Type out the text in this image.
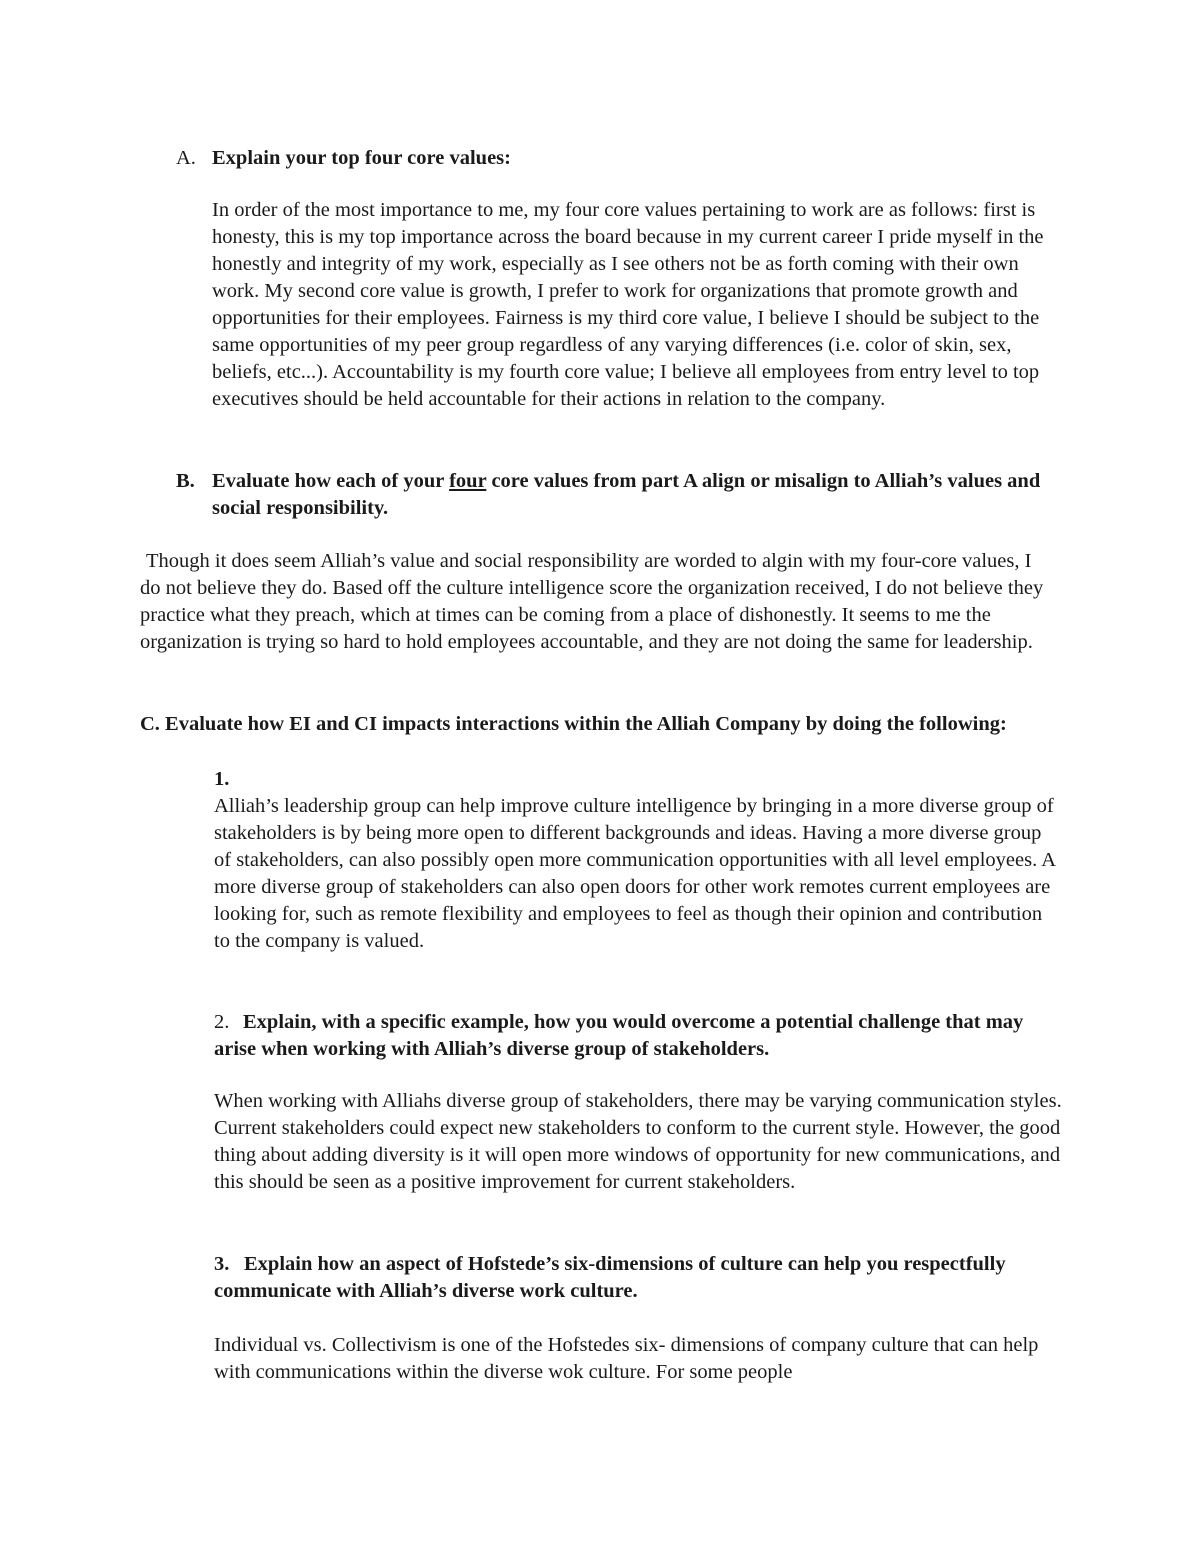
A. Explain your top four core values:

In order of the most importance to me, my four core values pertaining to work are as follows: first is honesty, this is my top importance across the board because in my current career I pride myself in the honestly and integrity of my work, especially as I see others not be as forth coming with their own work. My second core value is growth, I prefer to work for organizations that promote growth and opportunities for their employees. Fairness is my third core value, I believe I should be subject to the same opportunities of my peer group regardless of any varying differences (i.e. color of skin, sex, beliefs, etc...). Accountability is my fourth core value; I believe all employees from entry level to top executives should be held accountable for their actions in relation to the company.

B. Evaluate how each of your four core values from part A align or misalign to Alliah’s values and social responsibility.

Though it does seem Alliah’s value and social responsibility are worded to algin with my four-core values, I do not believe they do. Based off the culture intelligence score the organization received, I do not believe they practice what they preach, which at times can be coming from a place of dishonestly. It seems to me the organization is trying so hard to hold employees accountable, and they are not doing the same for leadership.

C. Evaluate how EI and CI impacts interactions within the Alliah Company by doing the following:
1.

Alliah’s leadership group can help improve culture intelligence by bringing in a more diverse group of stakeholders is by being more open to different backgrounds and ideas. Having a more diverse group of stakeholders, can also possibly open more communication opportunities with all level employees. A more diverse group of stakeholders can also open doors for other work remotes current employees are looking for, such as remote flexibility and employees to feel as though their opinion and contribution to the company is valued.

2. Explain, with a specific example, how you would overcome a potential challenge that may arise when working with Alliah’s diverse group of stakeholders.

When working with Alliahs diverse group of stakeholders, there may be varying communication styles. Current stakeholders could expect new stakeholders to conform to the current style. However, the good thing about adding diversity is it will open more windows of opportunity for new communications, and this should be seen as a positive improvement for current stakeholders.

3. Explain how an aspect of Hofstede’s six-dimensions of culture can help you respectfully communicate with Alliah’s diverse work culture.

Individual vs. Collectivism is one of the Hofstedes six- dimensions of company culture that can help with communications within the diverse wok culture. For some people
